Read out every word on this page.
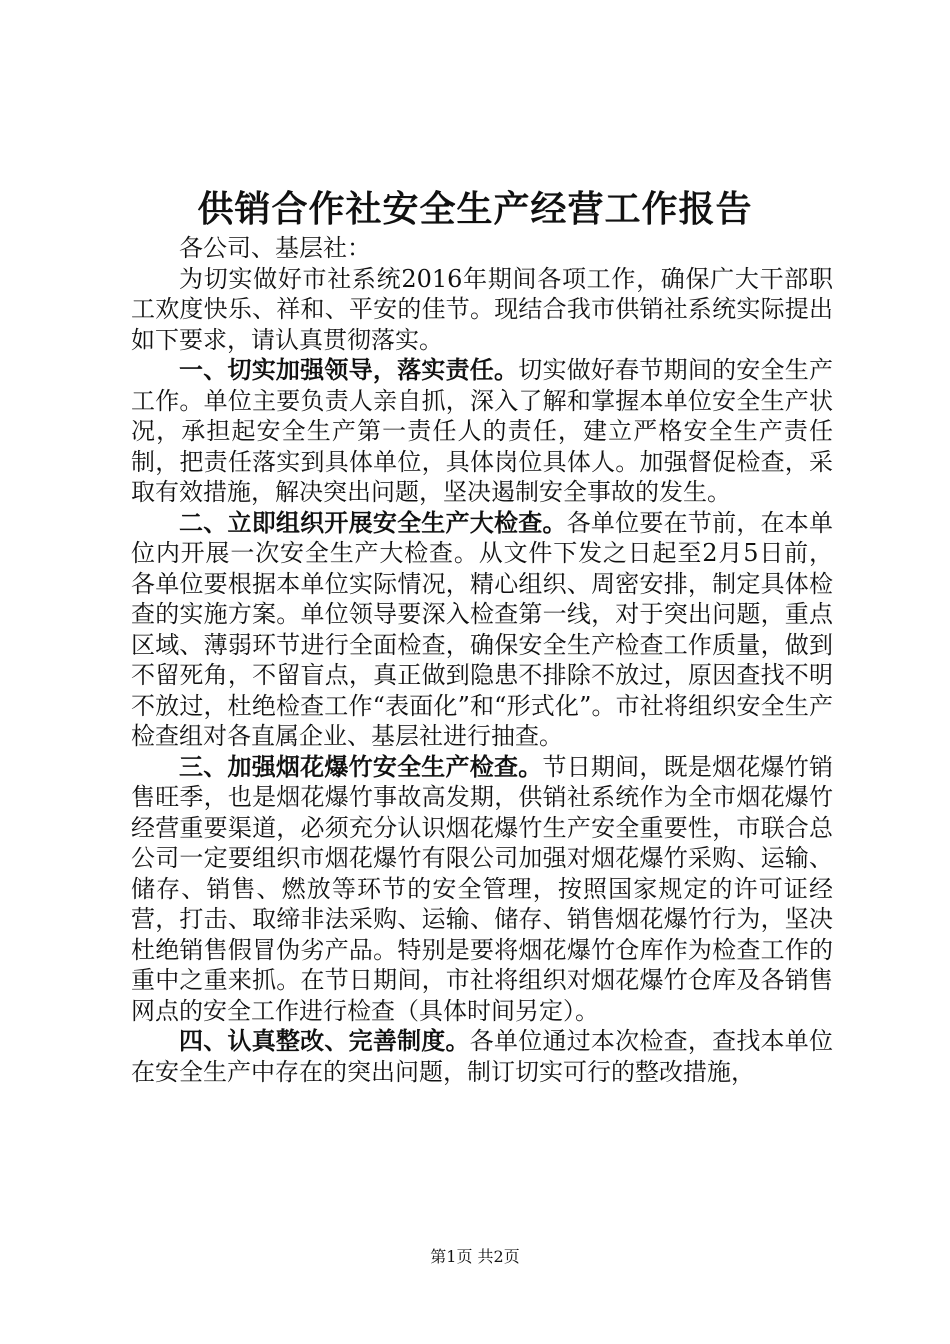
供销合作社安全生产经营工作报告

各公司、基层社：

为切实做好市社系统2016年期间各项工作，确保广大干部职工欢度快乐、祥和、平安的佳节。现结合我市供销社系统实际提出如下要求，请认真贯彻落实。

一、切实加强领导，落实责任。切实做好春节期间的安全生产工作。单位主要负责人亲自抓，深入了解和掌握本单位安全生产状况，承担起安全生产第一责任人的责任，建立严格安全生产责任制，把责任落实到具体单位，具体岗位具体人。加强督促检查，采取有效措施，解决突出问题，坚决遏制安全事故的发生。

二、立即组织开展安全生产大检查。各单位要在节前，在本单位内开展一次安全生产大检查。从文件下发之日起至2月5日前，各单位要根据本单位实际情况，精心组织、周密安排，制定具体检查的实施方案。单位领导要深入检查第一线，对于突出问题，重点区域、薄弱环节进行全面检查，确保安全生产检查工作质量，做到不留死角，不留盲点，真正做到隐患不排除不放过，原因查找不明不放过，杜绝检查工作“表面化”和“形式化”。市社将组织安全生产检查组对各直属企业、基层社进行抽查。

三、加强烟花爆竹安全生产检查。节日期间，既是烟花爆竹销售旺季，也是烟花爆竹事故高发期，供销社系统作为全市烟花爆竹经营重要渠道，必须充分认识烟花爆竹生产安全重要性，市联合总公司一定要组织市烟花爆竹有限公司加强对烟花爆竹采购、运输、储存、销售、燃放等环节的安全管理，按照国家规定的许可证经营，打击、取缔非法采购、运输、储存、销售烟花爆竹行为，坚决杜绝销售假冒伪劣产品。特别是要将烟花爆竹仓库作为检查工作的重中之重来抓。在节日期间，市社将组织对烟花爆竹仓库及各销售网点的安全工作进行检查（具体时间另定）。

四、认真整改、完善制度。各单位通过本次检查，查找本单位在安全生产中存在的突出问题，制订切实可行的整改措施，

第1页 共2页
